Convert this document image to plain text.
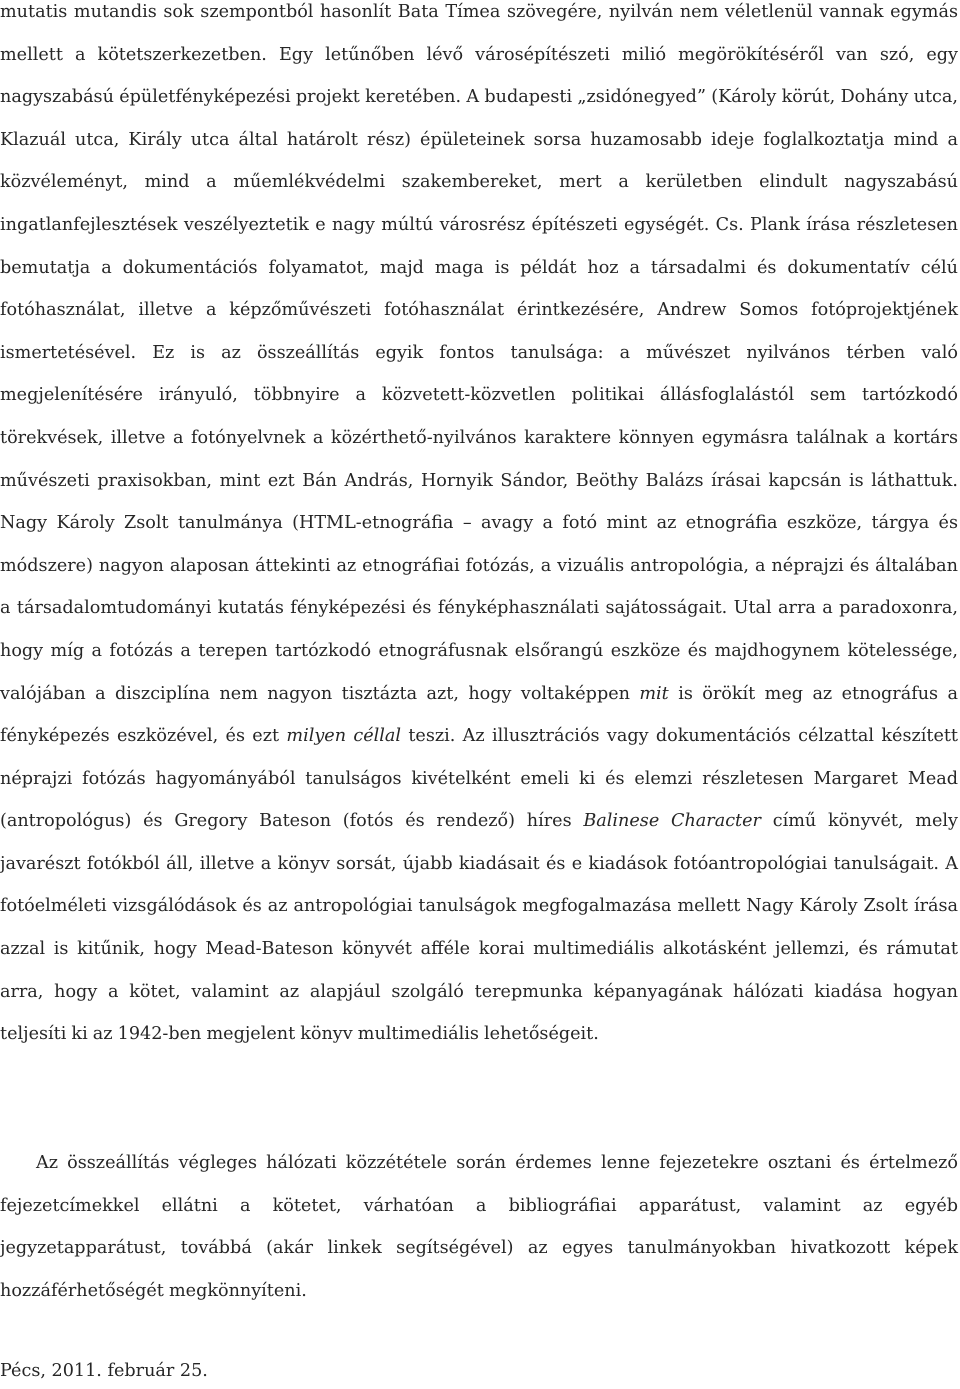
mutatis mutandis sok szempontból hasonlít Bata Tímea szövegére, nyilván nem véletlenül vannak egymás mellett a kötetszerkezetben. Egy letűnőben lévő városépítészeti milió megörökítéséről van szó, egy nagyszabású épületfényképezési projekt keretében. A budapesti „zsidónegyed” (Károly körút, Dohány utca, Klazuál utca, Király utca által határolt rész) épületeinek sorsa huzamosabb ideje foglalkoztatja mind a közvéleményt, mind a műemlékvédelmi szakembereket, mert a kerületben elindult nagyszabású ingatlanfejlesztések veszélyeztetik e nagy múltú városrész építészeti egységét. Cs. Plank írása részletesen bemutatja a dokumentációs folyamatot, majd maga is példát hoz a társadalmi és dokumentatív célú fotóhasználat, illetve a képzőművészeti fotóhasználat érintkezésére, Andrew Somos fotóprojektjének ismertetésével. Ez is az összeállítás egyik fontos tanulsága: a művészet nyilvános térben való megjelenítésére irányuló, többnyire a közvetett-közvetlen politikai állásfoglalástól sem tartózkodó törekvések, illetve a fotónyelvnek a közérthető-nyilvános karaktere könnyen egymásra találnak a kortárs művészeti praxisokban, mint ezt Bán András, Hornyik Sándor, Beöthy Balázs írásai kapcsán is láthattuk. Nagy Károly Zsolt tanulmánya (HTML-etnográfia – avagy a fotó mint az etnográfia eszköze, tárgya és módszere) nagyon alaposan áttekinti az etnográfiai fotózás, a vizuális antropológia, a néprajzi és általában a társadalomtudományi kutatás fényképezési és fényképhasználati sajátosságait. Utal arra a paradoxonra, hogy míg a fotózás a terepen tartózkodó etnográfusnak elsőrangú eszköze és majdhogynem kötelessége, valójában a diszciplína nem nagyon tisztázta azt, hogy voltaképpen mit is örökít meg az etnográfus a fényképezés eszközével, és ezt milyen céllal teszi. Az illusztrációs vagy dokumentációs célzattal készített néprajzi fotózás hagyományából tanulságos kivételként emeli ki és elemzi részletesen Margaret Mead (antropológus) és Gregory Bateson (fotós és rendező) híres Balinese Character című könyvét, mely javarészt fotókból áll, illetve a könyv sorsát, újabb kiadásait és e kiadások fotóantropológiai tanulságait. A fotóelméleti vizsgálódások és az antropológiai tanulságok megfogalmazása mellett Nagy Károly Zsolt írása azzal is kitűnik, hogy Mead-Bateson könyvét afféle korai multimediális alkotásként jellemzi, és rámutat arra, hogy a kötet, valamint az alapjául szolgáló terepmunka képanyagának hálózati kiadása hogyan teljesíti ki az 1942-ben megjelent könyv multimediális lehetőségeit.

Az összeállítás végleges hálózati közzététele során érdemes lenne fejezetekre osztani és értelmező fejezetcímekkel ellátni a kötetet, várhatóan a bibliográfiai apparátust, valamint az egyéb jegyzetapparátust, továbbá (akár linkek segítségével) az egyes tanulmányokban hivatkozott képek hozzáférhetőségét megkönnyíteni.

Pécs, 2011. február 25.
